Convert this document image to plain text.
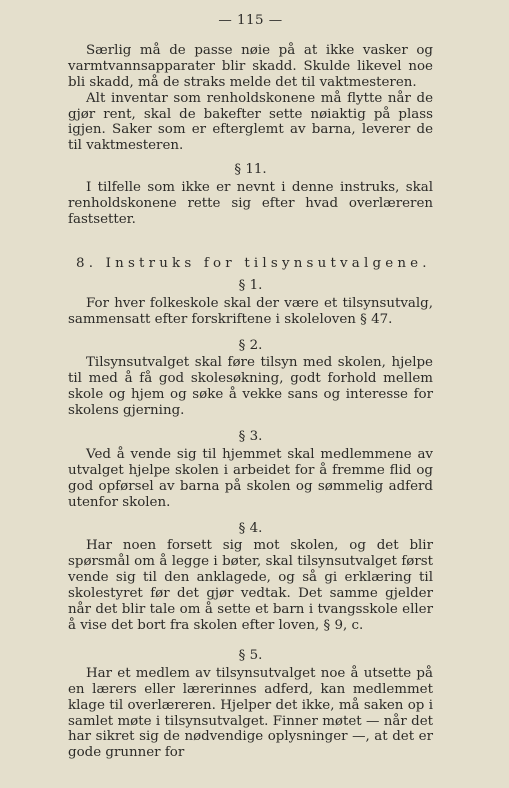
— 115 —

Særlig må de passe nøie på at ikke vasker og varmtvannsapparater blir skadd. Skulde likevel noe bli skadd, må de straks melde det til vaktmesteren.

Alt inventar som renholdskonene må flytte når de gjør rent, skal de bakefter sette nøiaktig på plass igjen. Saker som er efterglemt av barna, leverer de til vaktmesteren.

§ 11.

I tilfelle som ikke er nevnt i denne instruks, skal renholdskonene rette sig efter hvad overlæreren fastsetter.

8. Instruks for tilsynsutvalgene.
§ 1.

For hver folkeskole skal der være et tilsynsutvalg, sammensatt efter forskriftene i skoleloven § 47.

§ 2.

Tilsynsutvalget skal føre tilsyn med skolen, hjelpe til med å få god skolesøkning, godt forhold mellem skole og hjem og søke å vekke sans og interesse for skolens gjerning.

§ 3.

Ved å vende sig til hjemmet skal medlemmene av utvalget hjelpe skolen i arbeidet for å fremme flid og god opførsel av barna på skolen og sømmelig adferd utenfor skolen.

§ 4.

Har noen forsett sig mot skolen, og det blir spørsmål om å legge i bøter, skal tilsynsutvalget først vende sig til den anklagede, og så gi erklæring til skolestyret før det gjør vedtak. Det samme gjelder når det blir tale om å sette et barn i tvangsskole eller å vise det bort fra skolen efter loven, § 9, c.

§ 5.

Har et medlem av tilsynsutvalget noe å utsette på en lærers eller lærerinnes adferd, kan medlemmet klage til overlæreren. Hjelper det ikke, må saken op i samlet møte i tilsynsutvalget. Finner møtet — når det har sikret sig de nødvendige oplysninger —, at det er gode grunner for
